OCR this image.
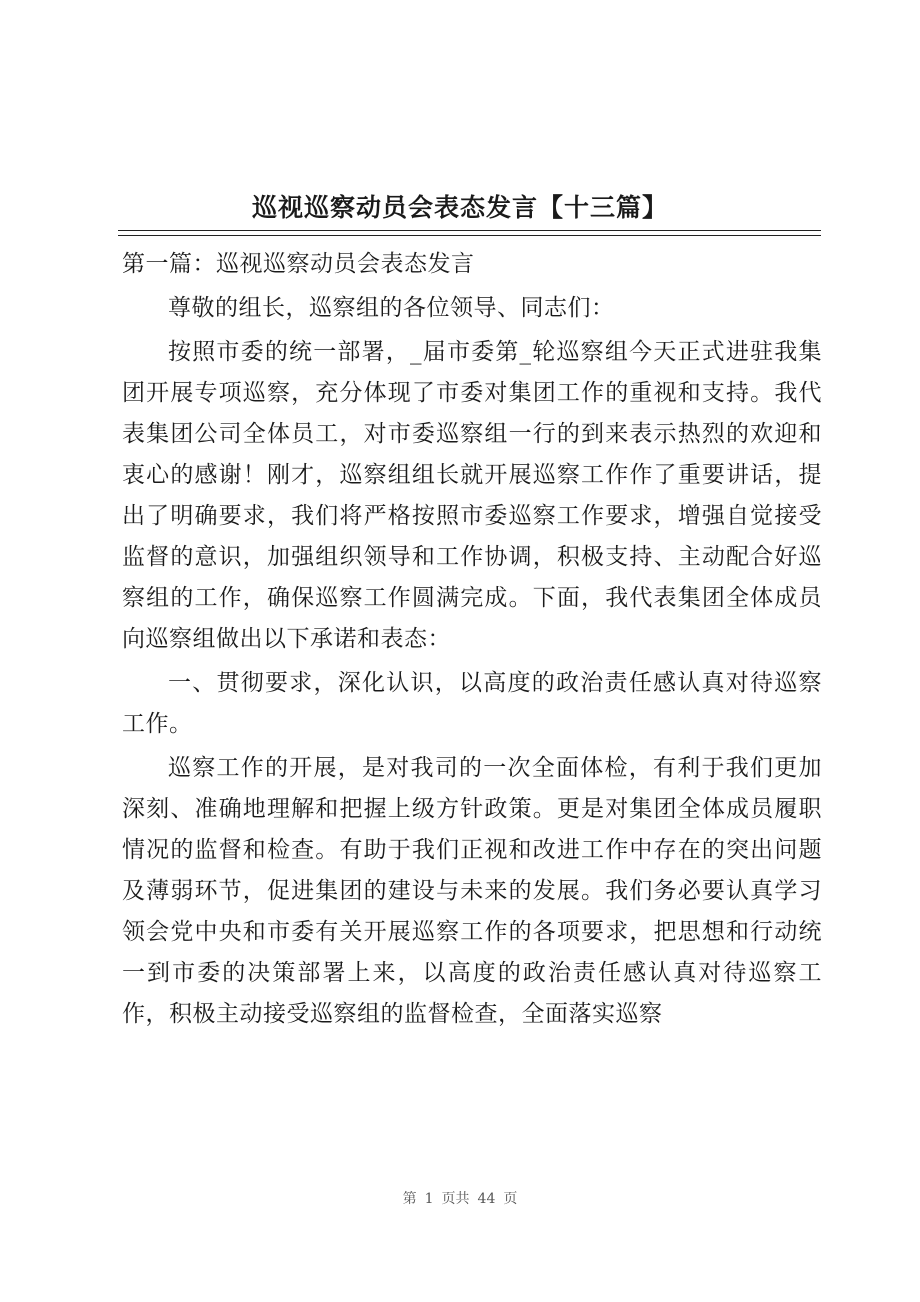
巡视巡察动员会表态发言【十三篇】

第一篇：巡视巡察动员会表态发言

尊敬的组长，巡察组的各位领导、同志们：

按照市委的统一部署，_届市委第_轮巡察组今天正式进驻我集团开展专项巡察，充分体现了市委对集团工作的重视和支持。我代表集团公司全体员工，对市委巡察组一行的到来表示热烈的欢迎和衷心的感谢！刚才，巡察组组长就开展巡察工作作了重要讲话，提出了明确要求，我们将严格按照市委巡察工作要求，增强自觉接受监督的意识，加强组织领导和工作协调，积极支持、主动配合好巡察组的工作，确保巡察工作圆满完成。下面，我代表集团全体成员向巡察组做出以下承诺和表态：

一、贯彻要求，深化认识，以高度的政治责任感认真对待巡察工作。

巡察工作的开展，是对我司的一次全面体检，有利于我们更加深刻、准确地理解和把握上级方针政策。更是对集团全体成员履职情况的监督和检查。有助于我们正视和改进工作中存在的突出问题及薄弱环节，促进集团的建设与未来的发展。我们务必要认真学习领会党中央和市委有关开展巡察工作的各项要求，把思想和行动统一到市委的决策部署上来，以高度的政治责任感认真对待巡察工作，积极主动接受巡察组的监督检查，全面落实巡察

第 1 页共 44 页
